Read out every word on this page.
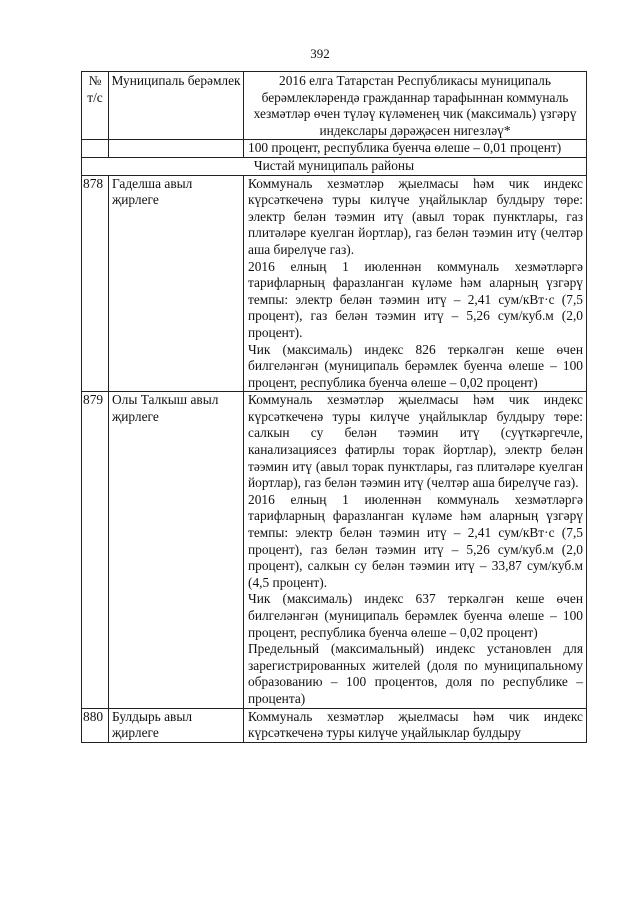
392
№ т/с	Муниципаль берәмлек	2016 елга Татарстан Республикасы муниципаль берәмлекләрендә гражданнар тарафыннан коммуналь хезмәтләр өчен түләү күләменең чик (максималь) үзгәрү индекслары дәрәҗәсен нигезләү*

		100 процент, республика буенча өлеше – 0,01 процент)

Чистай муниципаль районы		
878	Гаделша авыл җирлеге	Коммуналь хезмәтләр җыелмасы һәм чик индекс күрсәткеченә туры килүче уңайлыклар булдыру төре: электр белән тәэмин итү (авыл торак пунктлары, газ плитәләре куелган йортлар), газ белән тәэмин итү (челтәр аша бирелүче газ).

2016 елның 1 июленнән коммуналь хезмәтләргә тарифларның фаразланган күләме һәм аларның үзгәрү темпы: электр белән тәэмин итү – 2,41 сум/кВт·с (7,5 процент), газ белән тәэмин итү – 5,26 сум/куб.м (2,0 процент).

Чик (максималь) индекс 826 теркәлгән кеше өчен билгеләнгән (муниципаль берәмлек буенча өлеше – 100 процент, республика буенча өлеше – 0,02 процент)

879	Олы Талкыш авыл җирлеге	Коммуналь хезмәтләр җыелмасы һәм чик индекс күрсәткеченә туры килүче уңайлыклар булдыру төре: салкын су белән тәэмин итү (суүткәргечле, канализациясез фатирлы торак йортлар), электр белән тәэмин итү (авыл торак пунктлары, газ плитәләре куелган йортлар), газ белән тәэмин итү (челтәр аша бирелүче газ).

2016 елның 1 июленнән коммуналь хезмәтләргә тарифларның фаразланган күләме һәм аларның үзгәрү темпы: электр белән тәэмин итү – 2,41 сум/кВт·с (7,5 процент), газ белән тәэмин итү – 5,26 сум/куб.м (2,0 процент), салкын су белән тәэмин итү – 33,87 сум/куб.м (4,5 процент).

Чик (максималь) индекс 637 теркәлгән кеше өчен билгеләнгән (муниципаль берәмлек буенча өлеше – 100 процент, республика буенча өлеше – 0,02 процент)

Предельный (максимальный) индекс установлен для зарегистрированных жителей (доля по муниципальному образованию – 100 процентов, доля по республике –процента)

880	Булдырь авыл җирлеге	Коммуналь хезмәтләр җыелмасы һәм чик индекс күрсәткеченә туры килүче уңайлыклар булдыру
